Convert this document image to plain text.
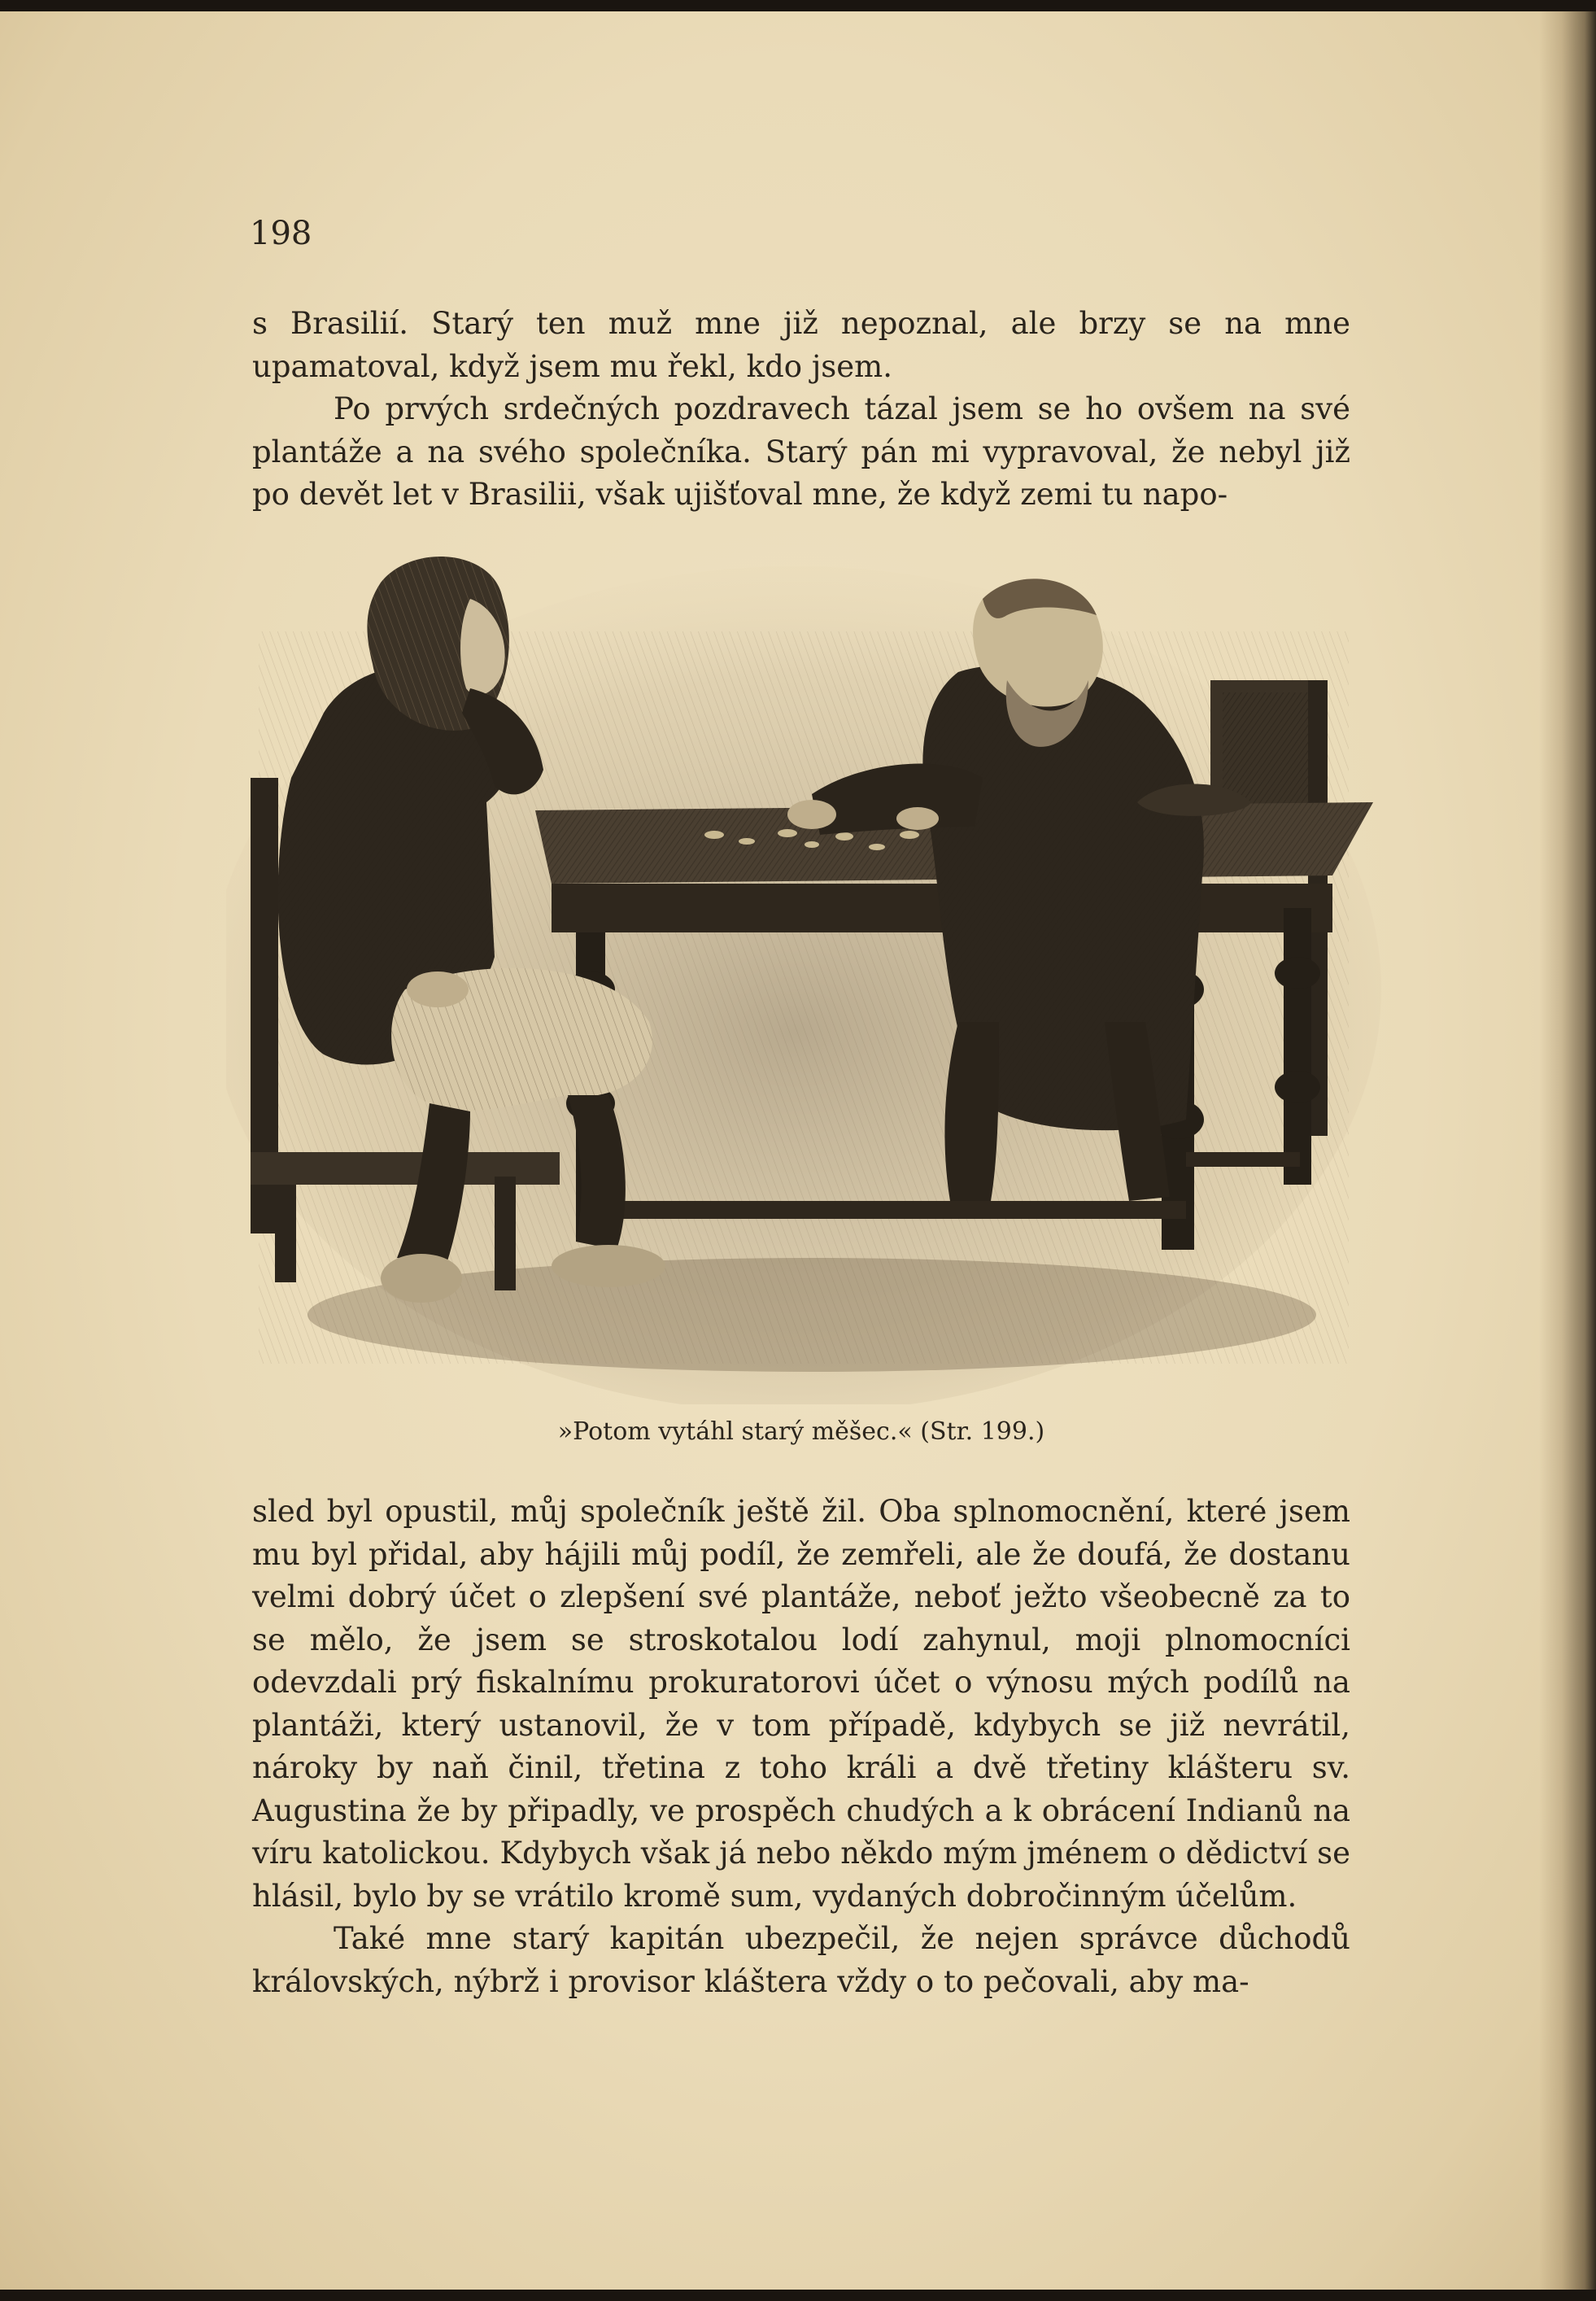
198

s Brasilií. Starý ten muž mne již nepoznal, ale brzy se na mne upamatoval, když jsem mu řekl, kdo jsem.

Po prvých srdečných pozdravech tázal jsem se ho ovšem na své plantáže a na svého společníka. Starý pán mi vypravoval, že nebyl již po devět let v Brasilii, však ujišťoval mne, že když zemi tu napo-

»Potom vytáhl starý měšec.« (Str. 199.)

sled byl opustil, můj společník ještě žil. Oba splnomocnění, které jsem mu byl přidal, aby hájili můj podíl, že zemřeli, ale že doufá, že dostanu velmi dobrý účet o zlepšení své plantáže, neboť ježto všeobecně za to se mělo, že jsem se stroskotalou lodí zahynul, moji plnomocníci odevzdali prý fiskalnímu prokuratorovi účet o výnosu mých podílů na plantáži, který ustanovil, že v tom případě, kdybych se již nevrátil, nároky by naň činil, třetina z toho králi a dvě třetiny klášteru sv. Augustina že by připadly, ve prospěch chudých a k obrácení Indianů na víru katolickou. Kdybych však já nebo někdo mým jménem o dědictví se hlásil, bylo by se vrátilo kromě sum, vydaných dobročinným účelům.

Také mne starý kapitán ubezpečil, že nejen správce důchodů královských, nýbrž i provisor kláštera vždy o to pečovali, aby ma-
